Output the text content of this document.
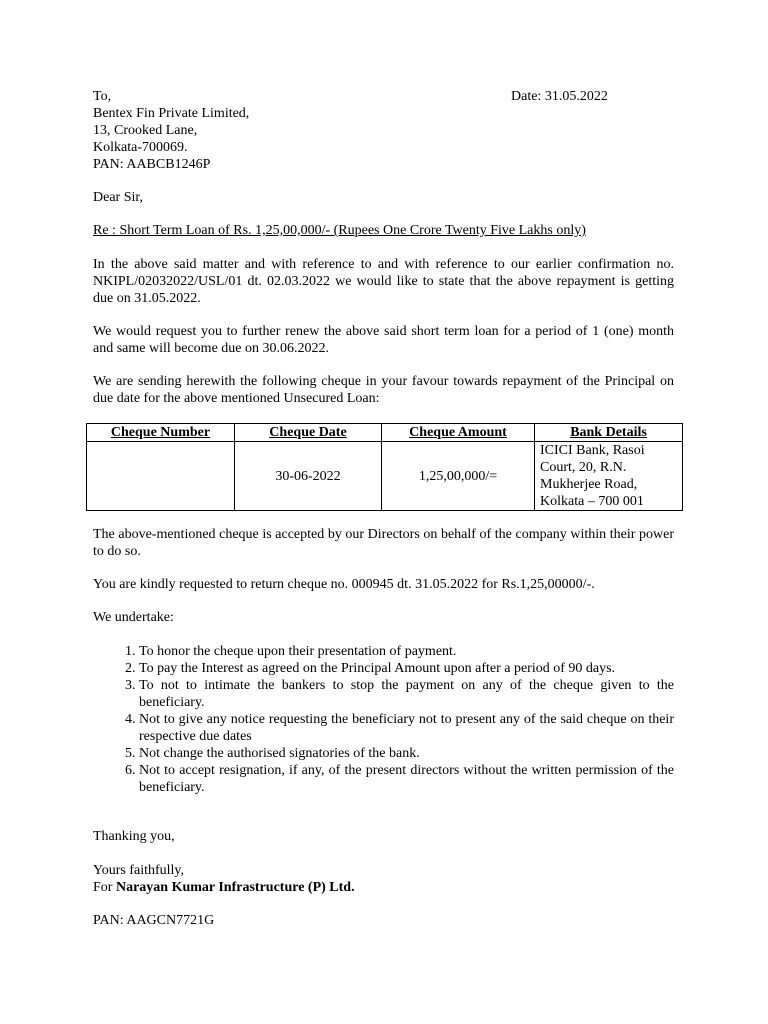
To,
Bentex Fin Private Limited,
13, Crooked Lane,
Kolkata-700069.
PAN: AABCB1246P
Date: 31.05.2022

Dear Sir,

Re : Short Term Loan of Rs. 1,25,00,000/- (Rupees One Crore Twenty Five Lakhs only)

In the above said matter and with reference to and with reference to our earlier confirmation no. NKIPL/02032022/USL/01 dt. 02.03.2022 we would like to state that the above repayment is getting due on 31.05.2022.

We would request you to further renew the above said short term loan for a period of 1 (one) month and same will become due on 30.06.2022.

We are sending herewith the following cheque in your favour towards repayment of the Principal on due date for the above mentioned Unsecured Loan:

Cheque Number	Cheque Date	Cheque Amount	Bank Details
	30-06-2022	1,25,00,000/=	ICICI Bank, Rasoi Court, 20, R.N. Mukherjee Road, Kolkata – 700 001

The above-mentioned cheque is accepted by our Directors on behalf of the company within their power to do so.

You are kindly requested to return cheque no. 000945 dt. 31.05.2022 for Rs.1,25,00000/-.

We undertake:

1. To honor the cheque upon their presentation of payment.
2. To pay the Interest as agreed on the Principal Amount upon after a period of 90 days.
3. To not to intimate the bankers to stop the payment on any of the cheque given to the beneficiary.
4. Not to give any notice requesting the beneficiary not to present any of the said cheque on their respective due dates
5. Not change the authorised signatories of the bank.
6. Not to accept resignation, if any, of the present directors without the written permission of the beneficiary.

Thanking you,

Yours faithfully,

For Narayan Kumar Infrastructure (P) Ltd.

PAN: AAGCN7721G
